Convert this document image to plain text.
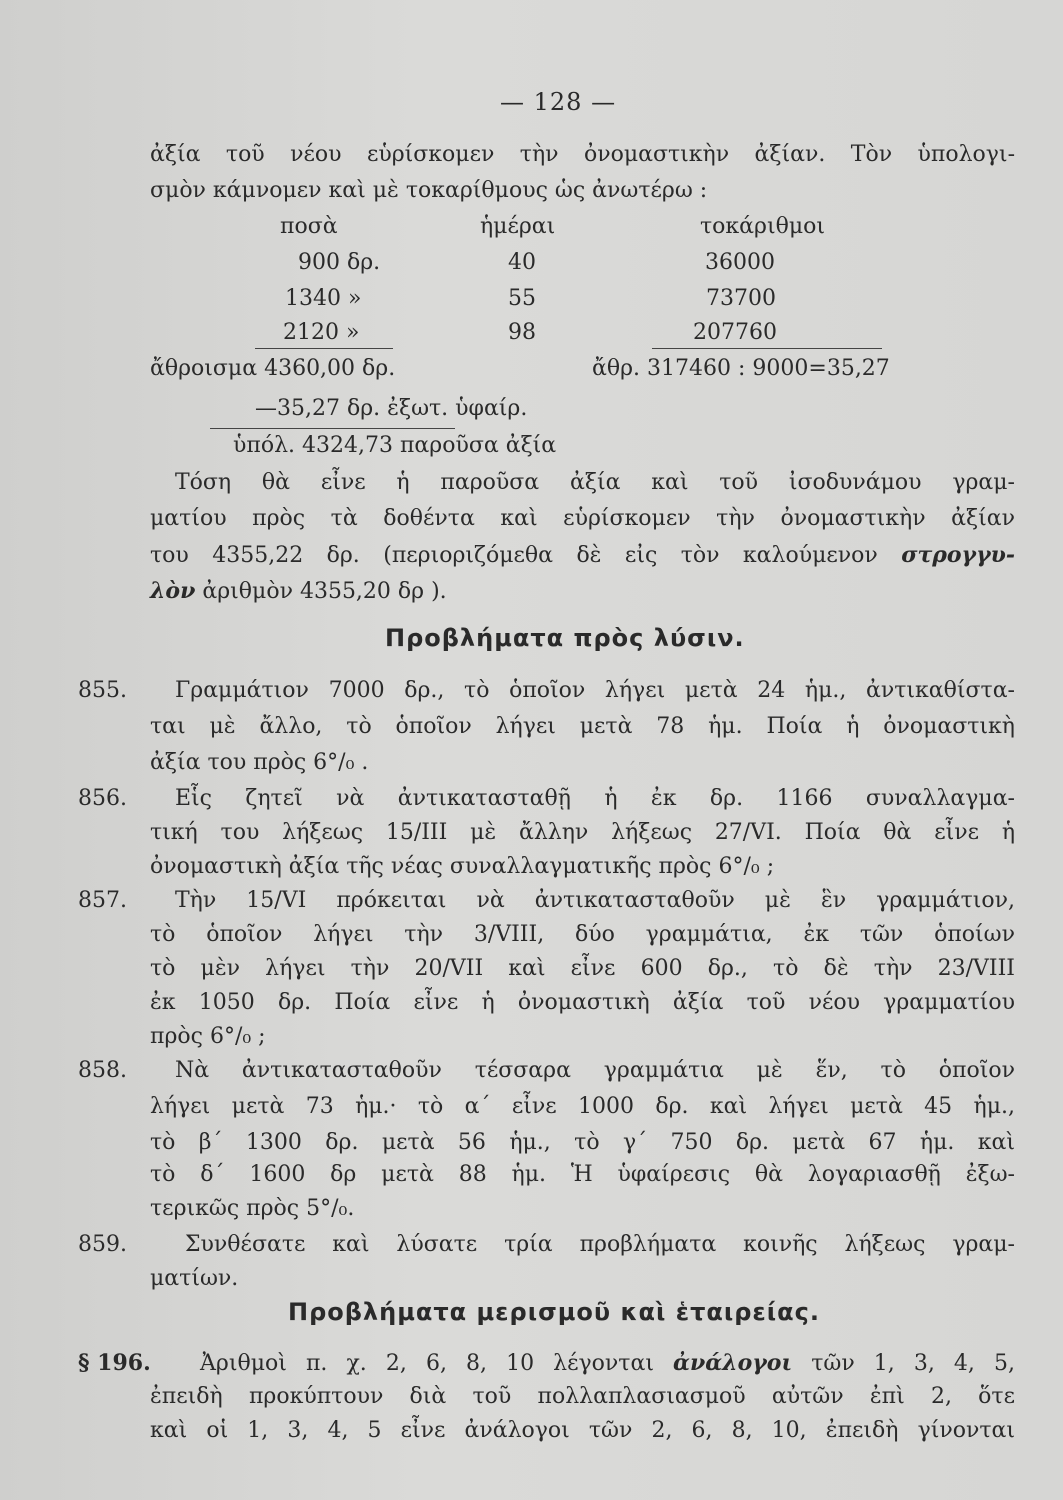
— 128 —
ἀξία τοῦ νέου εὑρίσκομεν τὴν ὀνομαστικὴν ἀξίαν. Τὸν ὑπολογι-
σμὸν κάμνομεν καὶ μὲ τοκαρίθμους ὡς ἀνωτέρω :
ποσὰ	ἡμέραι	τοκάριθμοι
900 δρ.	40	36000
1340 »	55	73700
2120 »	98	207760
ἄθροισμα 4360,00 δρ.	ἄθρ. 317460 : 9000=35,27
—35,27 δρ. ἐξωτ. ὑφαίρ.
ὑπόλ. 4324,73 παροῦσα ἀξία
Τόση θὰ εἶνε ἡ παροῦσα ἀξία καὶ τοῦ ἰσοδυνάμου γραμ-
ματίου πρὸς τὰ δοθέντα καὶ εὑρίσκομεν τὴν ὀνομαστικὴν ἀξίαν
του 4355,22 δρ. (περιοριζόμεθα δὲ εἰς τὸν καλούμενον στρογγυ-
λὸν ἀριθμὸν 4355,20 δρ ).
Προβλήματα πρὸς λύσιν.
855. Γραμμάτιον 7000 δρ., τὸ ὁποῖον λήγει μετὰ 24 ἡμ., ἀντικαθίστα-
ται μὲ ἄλλο, τὸ ὁποῖον λήγει μετὰ 78 ἡμ. Ποία ἡ ὀνομαστικὴ
ἀξία του πρὸς 6°/₀ .
856. Εἷς ζητεῖ νὰ ἀντικατασταθῇ ἡ ἐκ δρ. 1166 συναλλαγμα-
τική του λήξεως 15/ΙΙΙ μὲ ἄλλην λήξεως 27/VI. Ποία θὰ εἶνε ἡ
ὀνομαστικὴ ἀξία τῆς νέας συναλλαγματικῆς πρὸς 6°/₀ ;
857. Τὴν 15/VI πρόκειται νὰ ἀντικατασταθοῦν μὲ ἓν γραμμάτιον,
τὸ ὁποῖον λήγει τὴν 3/VIII, δύο γραμμάτια, ἐκ τῶν ὁποίων
τὸ μὲν λήγει τὴν 20/VII καὶ εἶνε 600 δρ., τὸ δὲ τὴν 23/VIII
ἐκ 1050 δρ. Ποία εἶνε ἡ ὀνομαστικὴ ἀξία τοῦ νέου γραμματίου
πρὸς 6°/₀ ;
858. Νὰ ἀντικατασταθοῦν τέσσαρα γραμμάτια μὲ ἕν, τὸ ὁποῖον
λήγει μετὰ 73 ἡμ.· τὸ α΄ εἶνε 1000 δρ. καὶ λήγει μετὰ 45 ἡμ.,
τὸ β΄ 1300 δρ. μετὰ 56 ἡμ., τὸ γ΄ 750 δρ. μετὰ 67 ἡμ. καὶ
τὸ δ΄ 1600 δρ μετὰ 88 ἡμ. Ἡ ὑφαίρεσις θὰ λογαριασθῇ ἐξω-
τερικῶς πρὸς 5°/₀.
859.	Συνθέσατε καὶ λύσατε τρία προβλήματα κοινῆς λήξεως γραμ-
ματίων.
Προβλήματα μερισμοῦ καὶ ἑταιρείας.
§ 196. Ἀριθμοὶ π. χ. 2, 6, 8, 10 λέγονται ἀνάλογοι τῶν 1, 3, 4, 5,
ἐπειδὴ προκύπτουν διὰ τοῦ πολλαπλασιασμοῦ αὐτῶν ἐπὶ 2, ὅτε
καὶ οἱ 1, 3, 4, 5 εἶνε ἀνάλογοι τῶν 2, 6, 8, 10, ἐπειδὴ γίνονται
